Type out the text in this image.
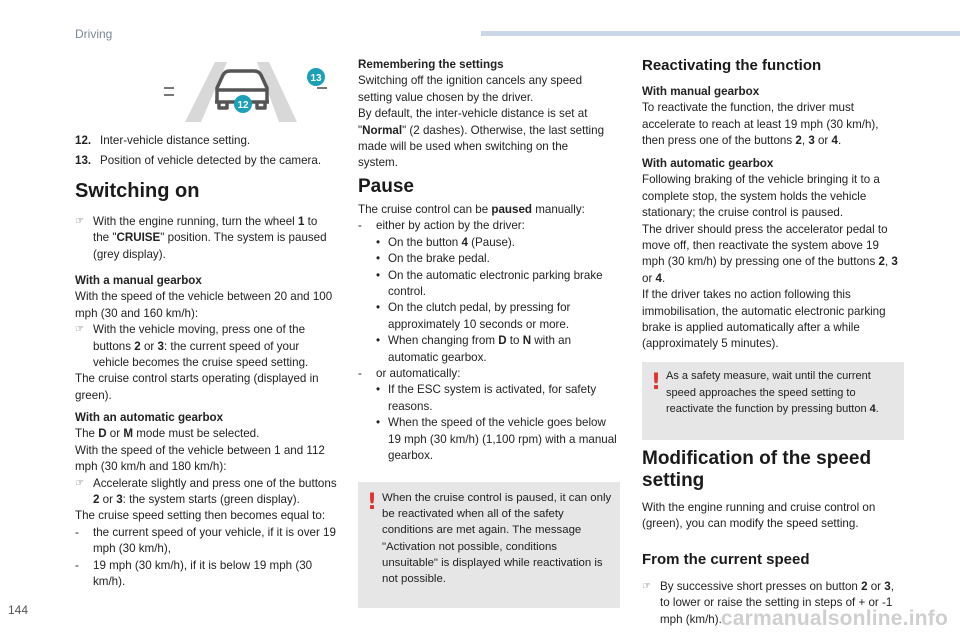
Driving
13
12
12. Inter-vehicle distance setting.
13. Position of vehicle detected by the camera.
Switching on
☞ With the engine running, turn the wheel 1 to the "CRUISE" position. The system is paused (grey display).
With a manual gearbox
With the speed of the vehicle between 20 and 100 mph (30 and 160 km/h):
☞ With the vehicle moving, press one of the buttons 2 or 3: the current speed of your vehicle becomes the cruise speed setting.
The cruise control starts operating (displayed in green).
With an automatic gearbox
The D or M mode must be selected.
With the speed of the vehicle between 1 and 112 mph (30 km/h and 180 km/h):
☞ Accelerate slightly and press one of the buttons 2 or 3: the system starts (green display).
The cruise speed setting then becomes equal to:
- the current speed of your vehicle, if it is over 19 mph (30 km/h),
- 19 mph (30 km/h), if it is below 19 mph (30 km/h).
Remembering the settings
Switching off the ignition cancels any speed setting value chosen by the driver.
By default, the inter-vehicle distance is set at "Normal" (2 dashes). Otherwise, the last setting made will be used when switching on the system.
Pause
The cruise control can be paused manually:
- either by action by the driver:
• On the button 4 (Pause).
• On the brake pedal.
• On the automatic electronic parking brake control.
• On the clutch pedal, by pressing for approximately 10 seconds or more.
• When changing from D to N with an automatic gearbox.
- or automatically:
• If the ESC system is activated, for safety reasons.
• When the speed of the vehicle goes below 19 mph (30 km/h) (1,100 rpm) with a manual gearbox.
! When the cruise control is paused, it can only be reactivated when all of the safety conditions are met again. The message "Activation not possible, conditions unsuitable" is displayed while reactivation is not possible.
Reactivating the function
With manual gearbox
To reactivate the function, the driver must accelerate to reach at least 19 mph (30 km/h), then press one of the buttons 2, 3 or 4.
With automatic gearbox
Following braking of the vehicle bringing it to a complete stop, the system holds the vehicle stationary; the cruise control is paused.
The driver should press the accelerator pedal to move off, then reactivate the system above 19 mph (30 km/h) by pressing one of the buttons 2, 3 or 4.
If the driver takes no action following this immobilisation, the automatic electronic parking brake is applied automatically after a while (approximately 5 minutes).
! As a safety measure, wait until the current speed approaches the speed setting to reactivate the function by pressing button 4.
Modification of the speed setting
With the engine running and cruise control on (green), you can modify the speed setting.
From the current speed
☞ By successive short presses on button 2 or 3, to lower or raise the setting in steps of + or -1 mph (km/h).
144	carmanualsonline.info
